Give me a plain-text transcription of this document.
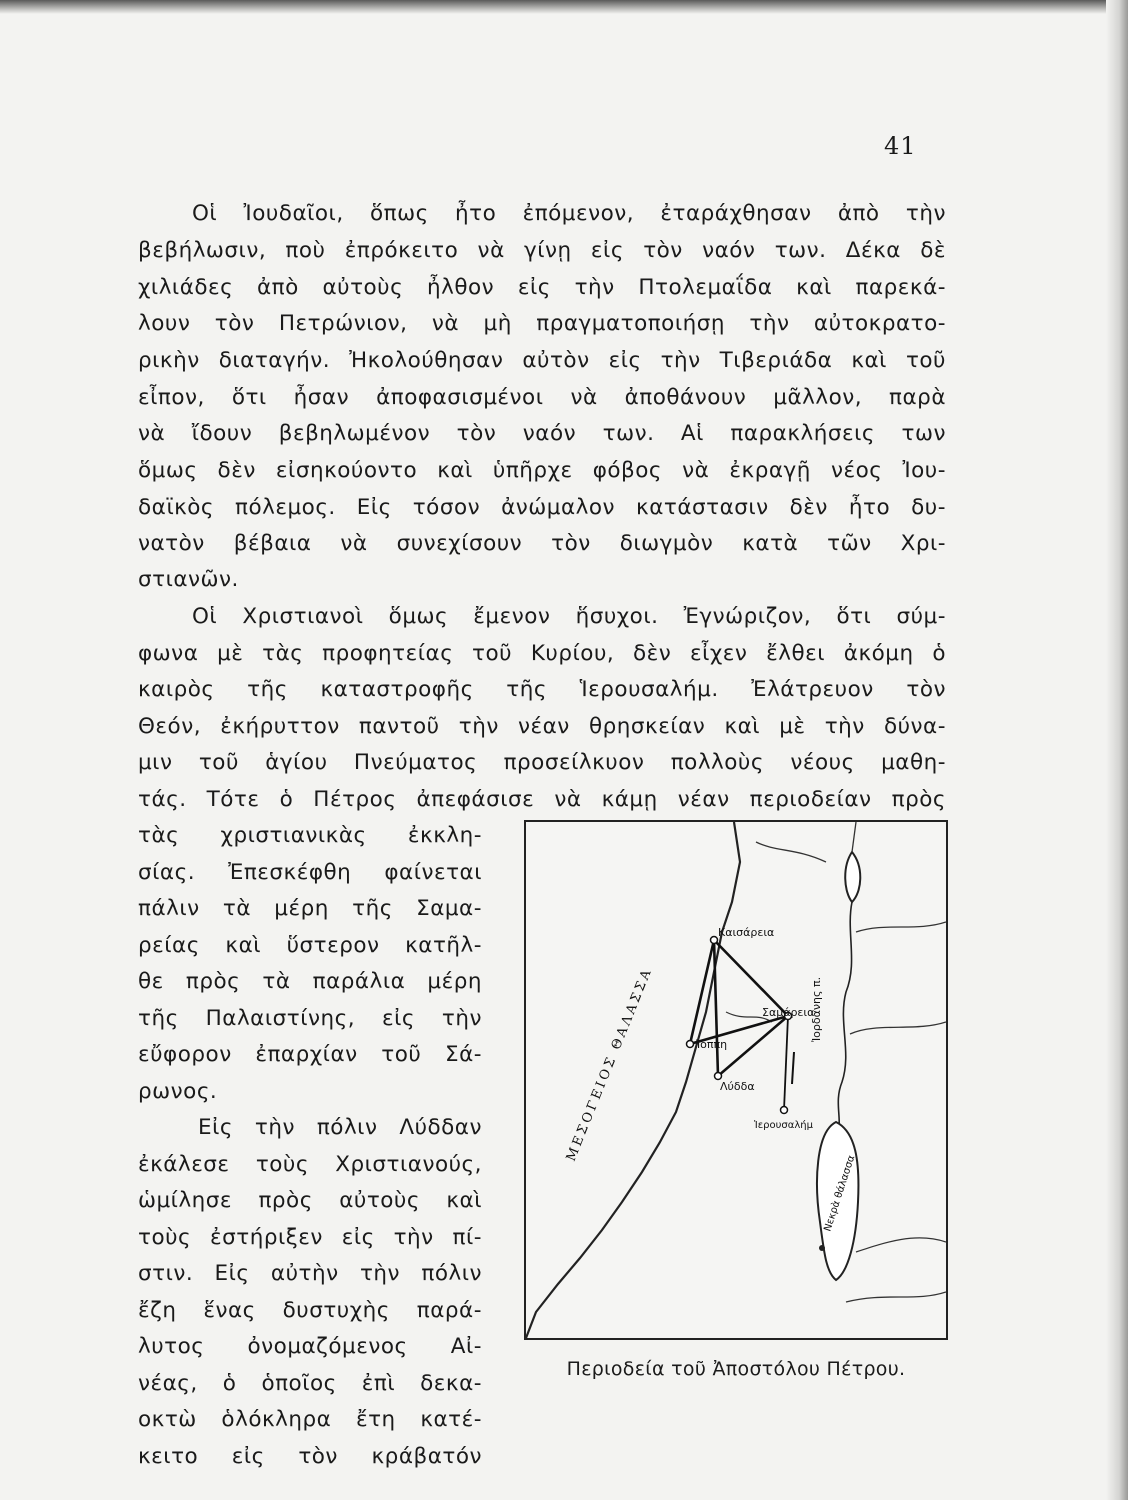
41
Οἱ Ἰουδαῖοι, ὅπως ἦτο ἐπόμενον, ἐταράχθησαν ἀπὸ τὴν
βεβήλωσιν, ποὺ ἐπρόκειτο νὰ γίνῃ εἰς τὸν ναόν των. Δέκα δὲ
χιλιάδες ἀπὸ αὐτοὺς ἦλθον εἰς τὴν Πτολεμαΐδα καὶ παρεκά-
λουν τὸν Πετρώνιον, νὰ μὴ πραγματοποιήσῃ τὴν αὐτοκρατο-
ρικὴν διαταγήν. Ἠκολούθησαν αὐτὸν εἰς τὴν Τιβεριάδα καὶ τοῦ
εἶπον, ὅτι ἦσαν ἀποφασισμένοι νὰ ἀποθάνουν μᾶλλον, παρὰ
νὰ ἴδουν βεβηλωμένον τὸν ναόν των. Αἱ παρακλήσεις των
ὅμως δὲν εἰσηκούοντο καὶ ὑπῆρχε φόβος νὰ ἐκραγῇ νέος Ἰου-
δαϊκὸς πόλεμος. Εἰς τόσον ἀνώμαλον κατάστασιν δὲν ἦτο δυ-
νατὸν βέβαια νὰ συνεχίσουν τὸν διωγμὸν κατὰ τῶν Χρι-
στιανῶν.
Οἱ Χριστιανοὶ ὅμως ἔμενον ἥσυχοι. Ἐγνώριζον, ὅτι σύμ-
φωνα μὲ τὰς προφητείας τοῦ Κυρίου, δὲν εἶχεν ἔλθει ἀκόμη ὁ
καιρὸς τῆς καταστροφῆς τῆς Ἱερουσαλήμ. Ἐλάτρευον τὸν
Θεόν, ἐκήρυττον παντοῦ τὴν νέαν θρησκείαν καὶ μὲ τὴν δύνα-
μιν τοῦ ἁγίου Πνεύματος προσείλκυον πολλοὺς νέους μαθη-
τάς. Τότε ὁ Πέτρος ἀπεφάσισε νὰ κάμῃ νέαν περιοδείαν πρὸς
τὰς χριστιανικὰς ἐκκλη-
σίας. Ἐπεσκέφθη φαίνεται
πάλιν τὰ μέρη τῆς Σαμα-
ρείας καὶ ὕστερον κατῆλ-
θε πρὸς τὰ παράλια μέρη
τῆς Παλαιστίνης, εἰς τὴν
εὔφορον ἐπαρχίαν τοῦ Σά-
ρωνος.
Εἰς τὴν πόλιν Λύδδαν
ἐκάλεσε τοὺς Χριστιανούς,
ὡμίλησε πρὸς αὐτοὺς καὶ
τοὺς ἐστήριξεν εἰς τὴν πί-
στιν. Εἰς αὐτὴν τὴν πόλιν
ἔζη ἕνας δυστυχὴς παρά-
λυτος ὀνομαζόμενος Αἰ-
νέας, ὁ ὁποῖος ἐπὶ δεκα-
οκτὼ ὁλόκληρα ἔτη κατέ-
κειτο εἰς τὸν κράβατόν
Καισάρεια
Σαμάρεια
Ἰόππη
Λύδδα
Ἱερουσαλήμ
ΜΕΣΟΓΕΙΟΣ ΘΑΛΑΣΣΑ	Ἰορδάνης π.
Νεκρὰ θάλασσα
Περιοδεία τοῦ Ἀποστόλου Πέτρου.
